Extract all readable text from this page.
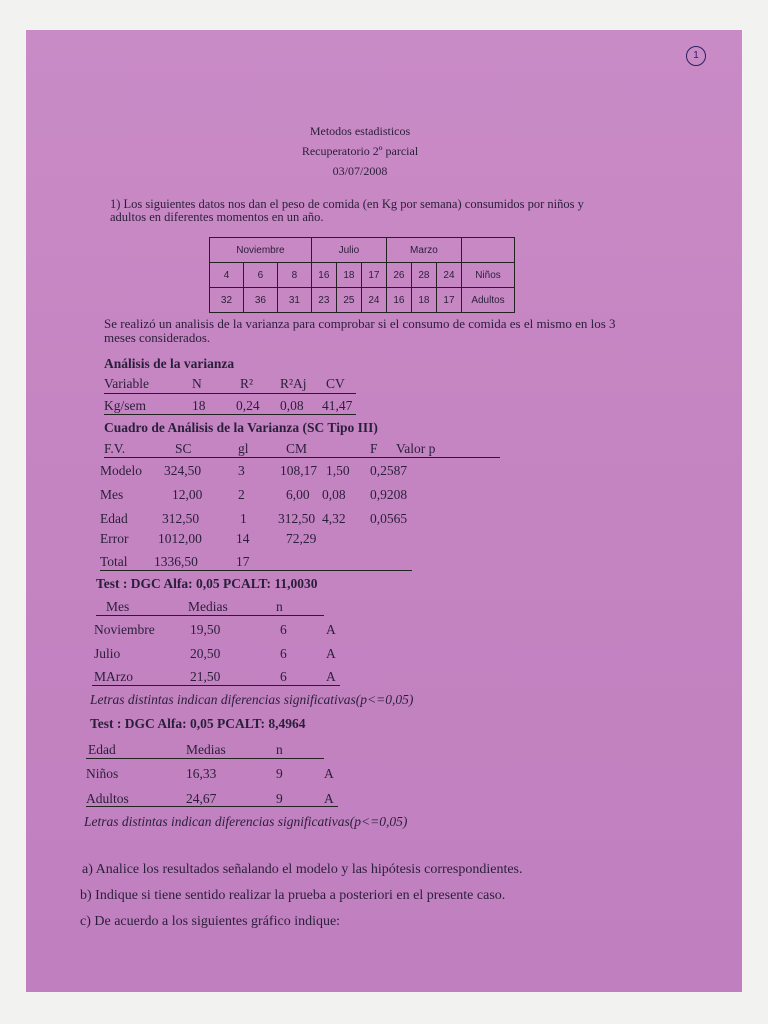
1
Metodos estadisticos
Recuperatorio 2º parcial
03/07/2008
1) Los siguientes datos nos dan el peso de comida (en Kg por semana) consumidos por niños y adultos en diferentes momentos en un año.
Noviembre			Julio			Marzo			
4	6	8	16	18	17	26	28	24	Niños
32	36	31	23	25	24	16	18	17	Adultos
Se realizó un analisis de la varianza para comprobar si el consumo de comida es el mismo en los 3 meses considerados.
Análisis de la varianza
Variable	N	R² R²Aj CV
Kg/sem	18 0,24 0,08 41,47
Cuadro de Análisis de la Varianza (SC Tipo III)
F.V.	SC	gl	CM	F Valor p
Modelo 324,50	3	108,17 1,50 0,2587
Mes	12,00	2	6,00 0,08 0,9208
Edad	312,50	1 312,50 4,32 0,0565
Error 1012,00	14	72,29
Total 1336,50	17
Test : DGC Alfa: 0,05 PCALT: 11,0030
Mes	Medias	n
Noviembre	19,50	6	A
Julio	20,50	6	A
MArzo	21,50	6	A
Letras distintas indican diferencias significativas(p<=0,05)
Test : DGC Alfa: 0,05 PCALT: 8,4964
Edad	Medias	n
Niños	16,33	9	A
Adultos	24,67	9	A
Letras distintas indican diferencias significativas(p<=0,05)
a) Analice los resultados señalando el modelo y las hipótesis correspondientes.
b) Indique si tiene sentido realizar la prueba a posteriori en el presente caso.
c) De acuerdo a los siguientes gráfico indique:
